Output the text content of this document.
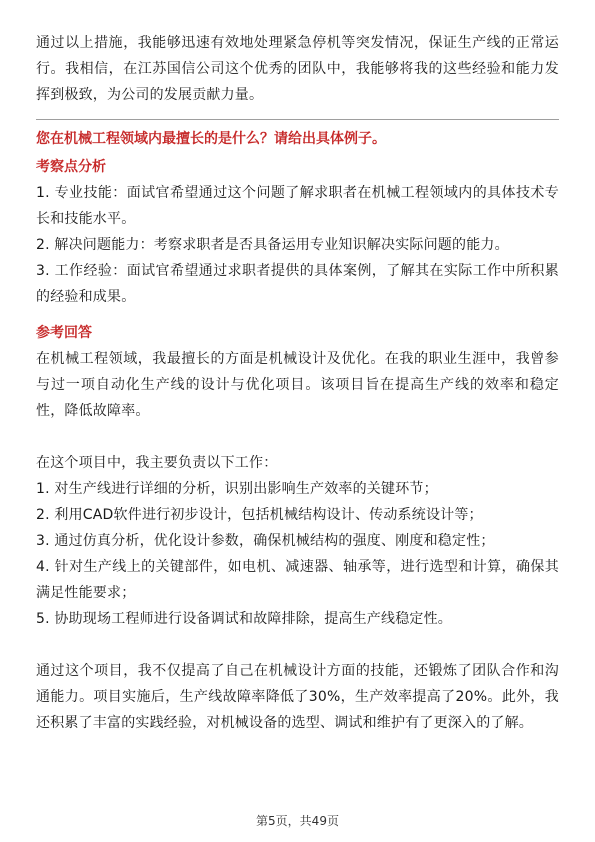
通过以上措施，我能够迅速有效地处理紧急停机等突发情况，保证生产线的正常运行。我相信，在江苏国信公司这个优秀的团队中，我能够将我的这些经验和能力发挥到极致，为公司的发展贡献力量。

您在机械工程领域内最擅长的是什么？请给出具体例子。
考察点分析

1. 专业技能：面试官希望通过这个问题了解求职者在机械工程领域内的具体技术专长和技能水平。

2. 解决问题能力：考察求职者是否具备运用专业知识解决实际问题的能力。

3. 工作经验：面试官希望通过求职者提供的具体案例，了解其在实际工作中所积累的经验和成果。

参考回答

在机械工程领域，我最擅长的方面是机械设计及优化。在我的职业生涯中，我曾参与过一项自动化生产线的设计与优化项目。该项目旨在提高生产线的效率和稳定性，降低故障率。

在这个项目中，我主要负责以下工作：

1. 对生产线进行详细的分析，识别出影响生产效率的关键环节；

2. 利用CAD软件进行初步设计，包括机械结构设计、传动系统设计等；

3. 通过仿真分析，优化设计参数，确保机械结构的强度、刚度和稳定性；

4. 针对生产线上的关键部件，如电机、减速器、轴承等，进行选型和计算，确保其满足性能要求；

5. 协助现场工程师进行设备调试和故障排除，提高生产线稳定性。

通过这个项目，我不仅提高了自己在机械设计方面的技能，还锻炼了团队合作和沟通能力。项目实施后，生产线故障率降低了30%，生产效率提高了20%。此外，我还积累了丰富的实践经验，对机械设备的选型、调试和维护有了更深入的了解。

第5页，共49页
